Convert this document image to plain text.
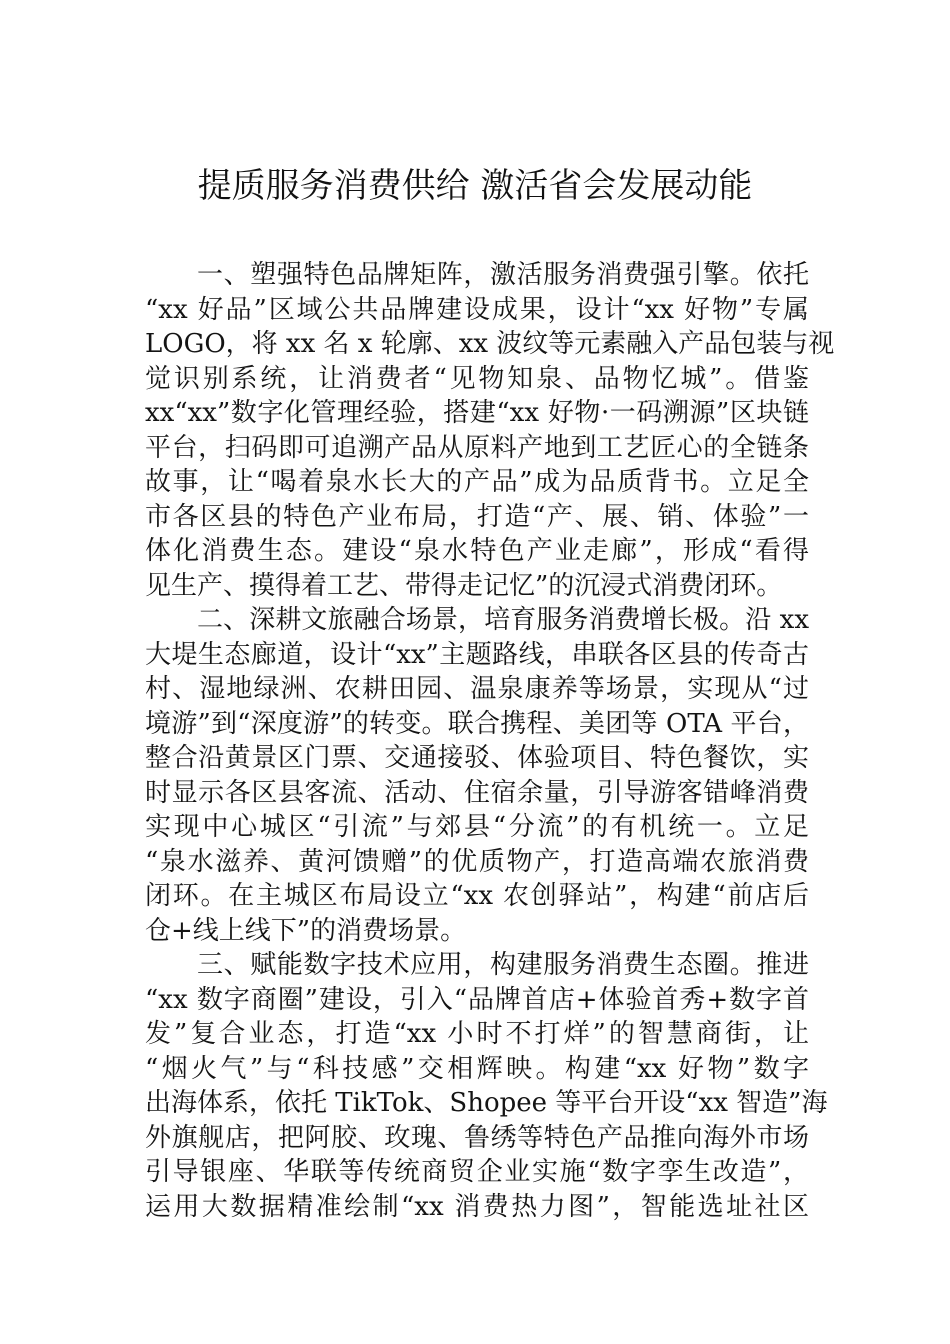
提质服务消费供给 激活省会发展动能
一、塑强特色品牌矩阵，激活服务消费强引擎。依托
“xx 好品”区域公共品牌建设成果，设计“xx 好物”专属
LOGO，将 xx 名 x 轮廓、xx 波纹等元素融入产品包装与视
觉识别系统，让消费者“见物知泉、品物忆城”。借鉴
xx“xx”数字化管理经验，搭建“xx 好物·一码溯源”区块链
平台，扫码即可追溯产品从原料产地到工艺匠心的全链条
故事，让“喝着泉水长大的产品”成为品质背书。立足全
市各区县的特色产业布局，打造“产、展、销、体验”一
体化消费生态。建设“泉水特色产业走廊”，形成“看得
见生产、摸得着工艺、带得走记忆”的沉浸式消费闭环。
二、深耕文旅融合场景，培育服务消费增长极。沿 xx
大堤生态廊道，设计“xx”主题路线，串联各区县的传奇古
村、湿地绿洲、农耕田园、温泉康养等场景，实现从“过
境游”到“深度游”的转变。联合携程、美团等 OTA 平台，
整合沿黄景区门票、交通接驳、体验项目、特色餐饮，实
时显示各区县客流、活动、住宿余量，引导游客错峰消费
实现中心城区“引流”与郊县“分流”的有机统一。立足
“泉水滋养、黄河馈赠”的优质物产，打造高端农旅消费
闭环。在主城区布局设立“xx 农创驿站”，构建“前店后
仓+线上线下”的消费场景。
三、赋能数字技术应用，构建服务消费生态圈。推进
“xx 数字商圈”建设，引入“品牌首店+体验首秀+数字首
发”复合业态，打造“xx 小时不打烊”的智慧商街，让
“烟火气”与“科技感”交相辉映。构建“xx 好物”数字
出海体系，依托 TikTok、Shopee 等平台开设“xx 智造”海
外旗舰店，把阿胶、玫瑰、鲁绣等特色产品推向海外市场
引导银座、华联等传统商贸企业实施“数字孪生改造”，
运用大数据精准绘制“xx 消费热力图”，智能选址社区
